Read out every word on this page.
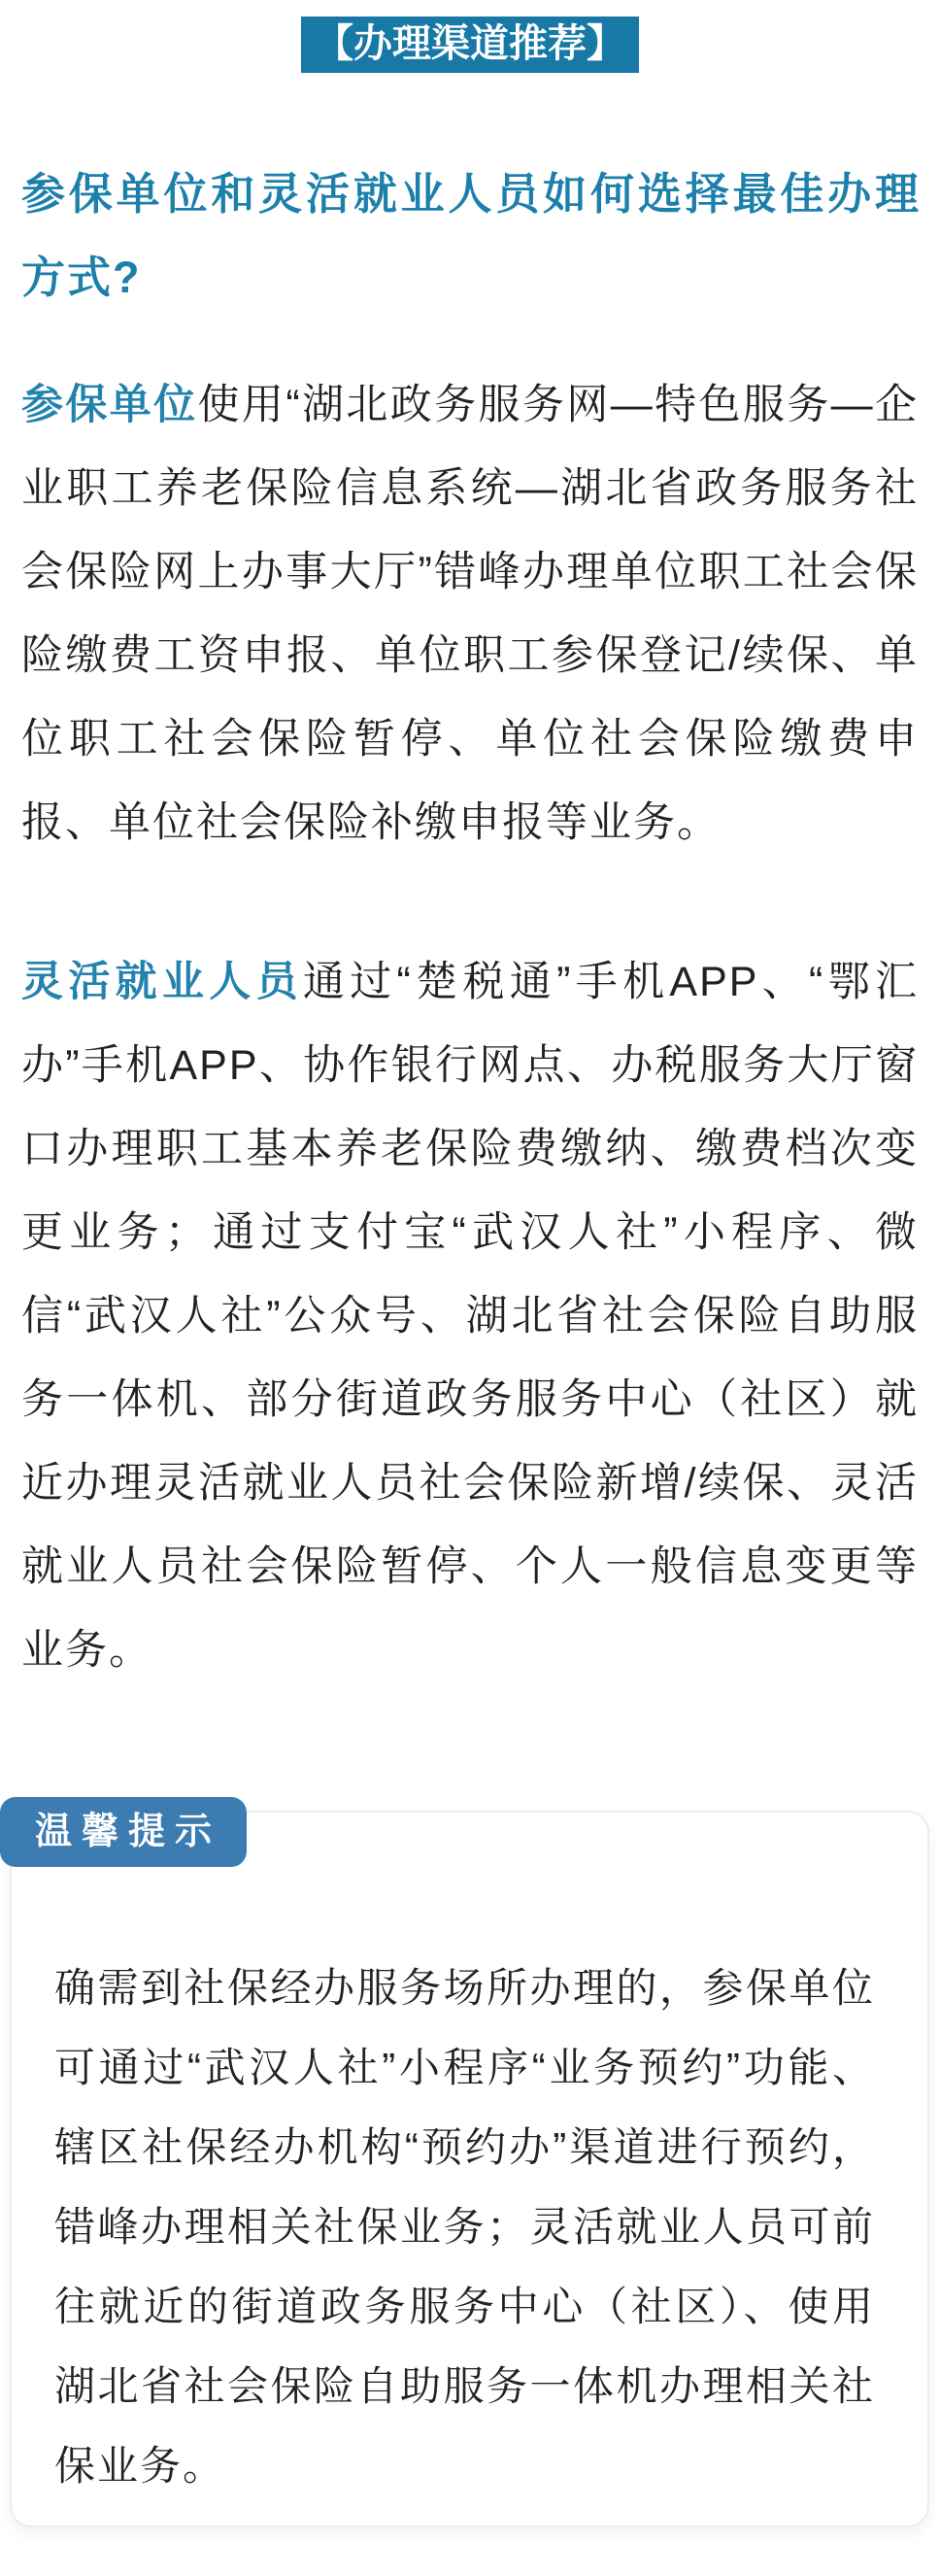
【办理渠道推荐】
参保单位和灵活就业人员如何选择最佳办理方式?

参保单位使用“湖北政务服务网—特色服务—企业职工养老保险信息系统—湖北省政务服务社会保险网上办事大厅”错峰办理单位职工社会保险缴费工资申报、单位职工参保登记/续保、单位职工社会保险暂停、单位社会保险缴费申报、单位社会保险补缴申报等业务。

灵活就业人员通过“楚税通”手机APP、“鄂汇办”手机APP、协作银行网点、办税服务大厅窗口办理职工基本养老保险费缴纳、缴费档次变更业务；通过支付宝“武汉人社”小程序、微信“武汉人社”公众号、湖北省社会保险自助服务一体机、部分街道政务服务中心（社区）就近办理灵活就业人员社会保险新增/续保、灵活就业人员社会保险暂停、个人一般信息变更等业务。

温馨提示
确需到社保经办服务场所办理的，参保单位可通过“武汉人社”小程序“业务预约”功能、辖区社保经办机构“预约办”渠道进行预约，错峰办理相关社保业务；灵活就业人员可前往就近的街道政务服务中心（社区）、使用湖北省社会保险自助服务一体机办理相关社保业务。
